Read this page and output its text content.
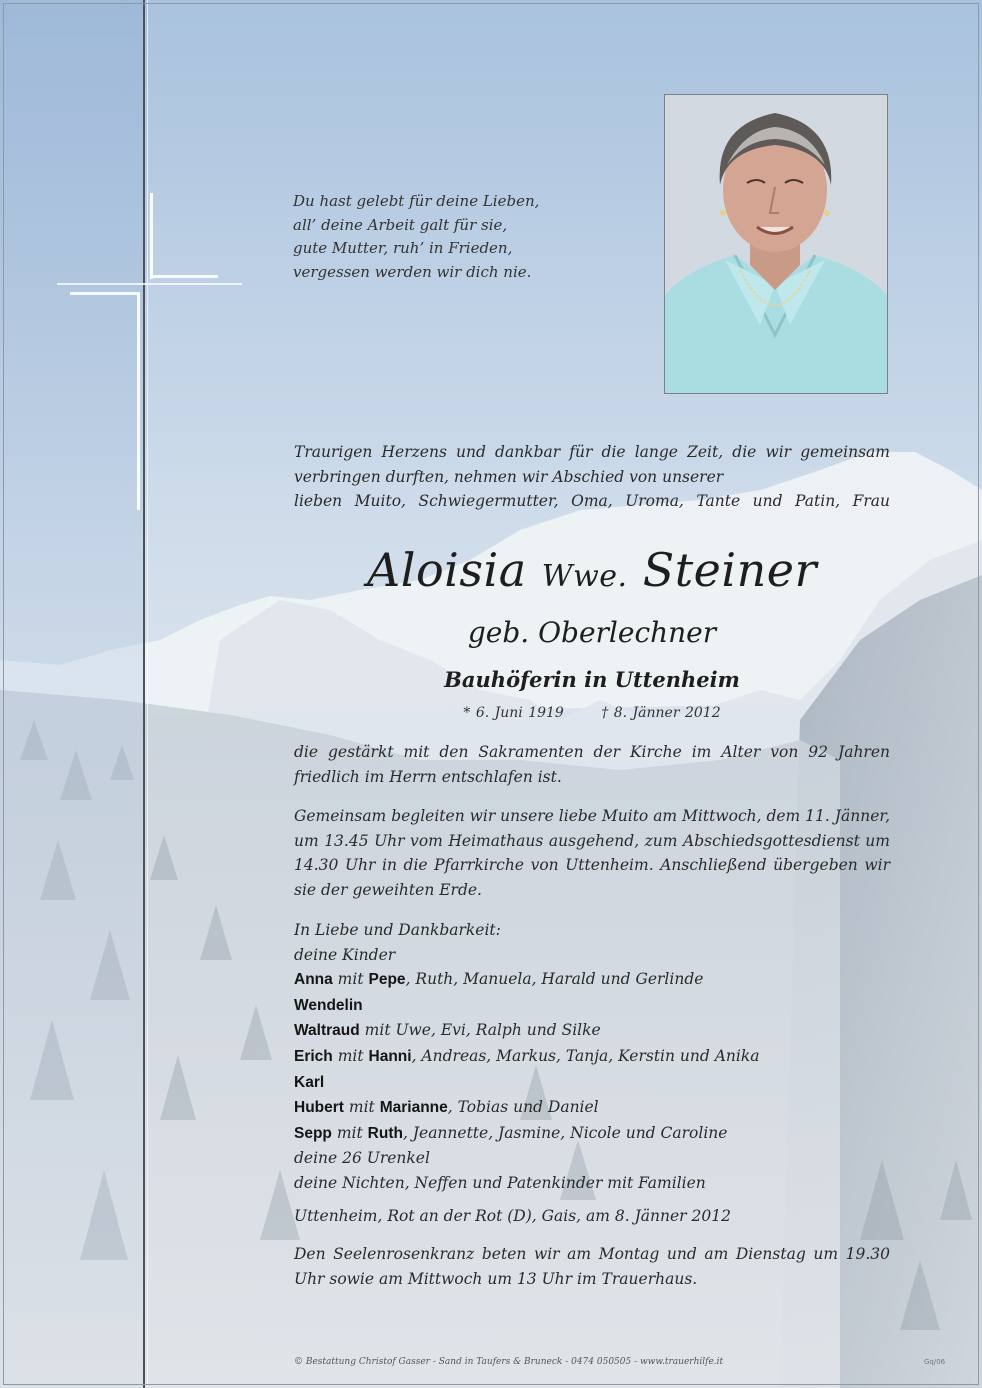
Du hast gelebt für deine Lieben,
all’ deine Arbeit galt für sie,
gute Mutter, ruh’ in Frieden,
vergessen werden wir dich nie.
Traurigen Herzens und dankbar für die lange Zeit, die wir gemeinsam verbringen durften, nehmen wir Abschied von unserer
lieben Muito, Schwiegermutter, Oma, Uroma, Tante und Patin, Frau
Aloisia Wwe. Steiner
geb. Oberlechner
Bauhöferin in Uttenheim
* 6. Juni 1919	† 8. Jänner 2012
die gestärkt mit den Sakramenten der Kirche im Alter von 92 Jahren friedlich im Herrn entschlafen ist.
Gemeinsam begleiten wir unsere liebe Muito am Mittwoch, dem 11. Jänner, um 13.45 Uhr vom Heimathaus ausgehend, zum Abschiedsgottesdienst um 14.30 Uhr in die Pfarrkirche von Uttenheim. Anschließend übergeben wir sie der geweihten Erde.
In Liebe und Dankbarkeit:
deine Kinder
Anna mit Pepe, Ruth, Manuela, Harald und Gerlinde
Wendelin
Waltraud mit Uwe, Evi, Ralph und Silke
Erich mit Hanni, Andreas, Markus, Tanja, Kerstin und Anika
Karl
Hubert mit Marianne, Tobias und Daniel
Sepp mit Ruth, Jeannette, Jasmine, Nicole und Caroline
deine 26 Urenkel
deine Nichten, Neffen und Patenkinder mit Familien
Uttenheim, Rot an der Rot (D), Gais, am 8. Jänner 2012
Den Seelenrosenkranz beten wir am Montag und am Dienstag um 19.30 Uhr sowie am Mittwoch um 13 Uhr im Trauerhaus.
© Bestattung Christof Gasser - Sand in Taufers & Bruneck - 0474 050505 - www.trauerhilfe.it	Gq/06
